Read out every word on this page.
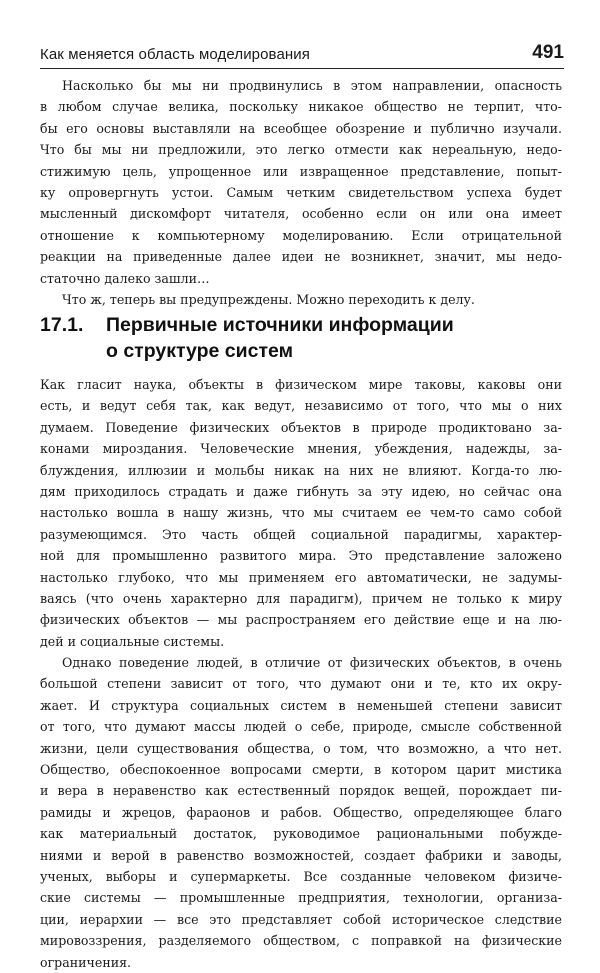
Как меняется область моделирования	491
Насколько бы мы ни продвинулись в этом направлении, опасность
в любом случае велика, поскольку никакое общество не терпит, что-
бы его основы выставляли на всеобщее обозрение и публично изучали.
Что бы мы ни предложили, это легко отмести как нереальную, недо-
стижимую цель, упрощенное или извращенное представление, попыт-
ку опровергнуть устои. Самым четким свидетельством успеха будет
мысленный дискомфорт читателя, особенно если он или она имеет
отношение к компьютерному моделированию. Если отрицательной
реакции на приведенные далее идеи не возникнет, значит, мы недо-
статочно далеко зашли…
Что ж, теперь вы предупреждены. Можно переходить к делу.
17.1. Первичные источники информации
о структуре систем
Как гласит наука, объекты в физическом мире таковы, каковы они
есть, и ведут себя так, как ведут, независимо от того, что мы о них
думаем. Поведение физических объектов в природе продиктовано за-
конами мироздания. Человеческие мнения, убеждения, надежды, за-
блуждения, иллюзии и мольбы никак на них не влияют. Когда-то лю-
дям приходилось страдать и даже гибнуть за эту идею, но сейчас она
настолько вошла в нашу жизнь, что мы считаем ее чем-то само собой
разумеющимся. Это часть общей социальной парадигмы, характер-
ной для промышленно развитого мира. Это представление заложено
настолько глубоко, что мы применяем его автоматически, не задумы-
ваясь (что очень характерно для парадигм), причем не только к миру
физических объектов — мы распространяем его действие еще и на лю-
дей и социальные системы.
Однако поведение людей, в отличие от физических объектов, в очень
большой степени зависит от того, что думают они и те, кто их окру-
жает. И структура социальных систем в неменьшей степени зависит
от того, что думают массы людей о себе, природе, смысле собственной
жизни, цели существования общества, о том, что возможно, а что нет.
Общество, обеспокоенное вопросами смерти, в котором царит мистика
и вера в неравенство как естественный порядок вещей, порождает пи-
рамиды и жрецов, фараонов и рабов. Общество, определяющее благо
как материальный достаток, руководимое рациональными побужде-
ниями и верой в равенство возможностей, создает фабрики и заводы,
ученых, выборы и супермаркеты. Все созданные человеком физиче-
ские системы — промышленные предприятия, технологии, организа-
ции, иерархии — все это представляет собой историческое следствие
мировоззрения, разделяемого обществом, с поправкой на физические
ограничения.
